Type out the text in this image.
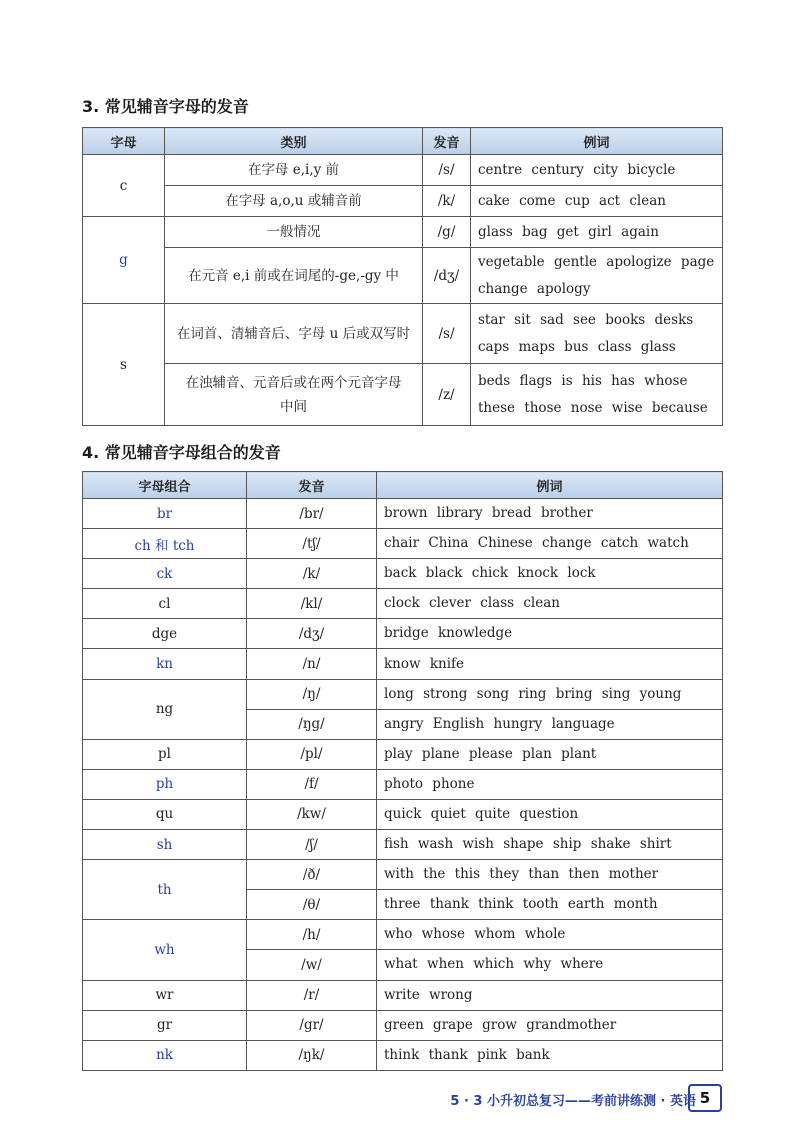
3. 常见辅音字母的发音
字母	类别	发音	例词
c	在字母 e,i,y 前	/s/	centre century city bicycle
	在字母 a,o,u 或辅音前	/k/	cake come cup act clean
g	一般情况	/g/	glass bag get girl again
	在元音 e,i 前或在词尾的-ge,-gy 中	/dʒ/	vegetable gentle apologize page change apology
s	在词首、清辅音后、字母 u 后或双写时	/s/	star sit sad see books desks caps maps bus class glass
	在浊辅音、元音后或在两个元音字母中间	/z/	beds flags is his has whose these those nose wise because
4. 常见辅音字母组合的发音
字母组合	发音	例词
br	/br/	brown library bread brother
ch 和 tch	/tʃ/	chair China Chinese change catch watch
ck	/k/	back black chick knock lock
cl	/kl/	clock clever class clean
dge	/dʒ/	bridge knowledge
kn	/n/	know knife
ng	/ŋ/	long strong song ring bring sing young
	/ŋg/	angry English hungry language
pl	/pl/	play plane please plan plant
ph	/f/	photo phone
qu	/kw/	quick quiet quite question
sh	/ʃ/	fish wash wish shape ship shake shirt
th	/ð/	with the this they than then mother
	/θ/	three thank think tooth earth month
wh	/h/	who whose whom whole
	/w/	what when which why where
wr	/r/	write wrong
gr	/gr/	green grape grow grandmother
nk	/ŋk/	think thank pink bank
5 · 3 小升初总复习——考前讲练测 · 英语 5
